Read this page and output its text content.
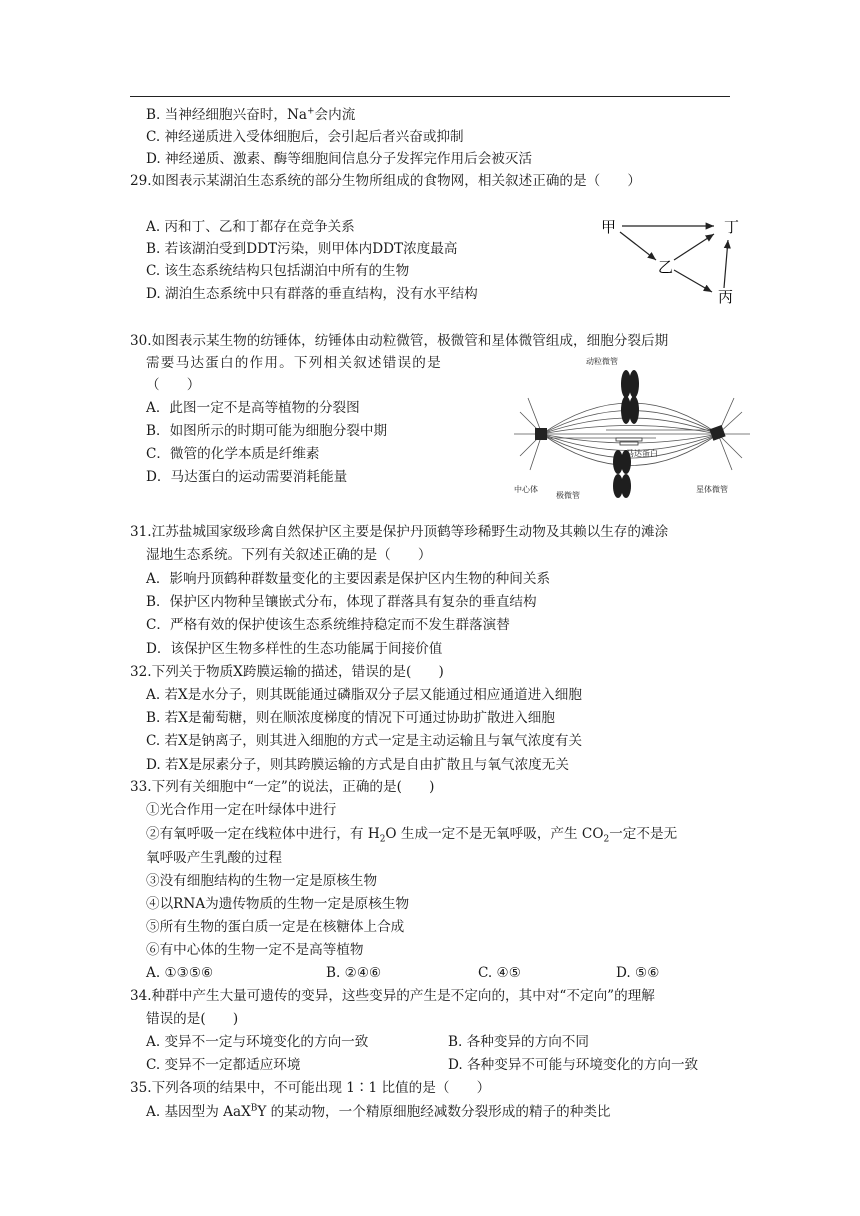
B. 当神经细胞兴奋时，Na+会内流
C. 神经递质进入受体细胞后，会引起后者兴奋或抑制
D. 神经递质、激素、酶等细胞间信息分子发挥完作用后会被灭活
29.如图表示某湖泊生态系统的部分生物所组成的食物网，相关叙述正确的是（　　）
A. 丙和丁、乙和丁都存在竞争关系
B. 若该湖泊受到DDT污染，则甲体内DDT浓度最高
C. 该生态系统结构只包括湖泊中所有的生物
D. 湖泊生态系统中只有群落的垂直结构，没有水平结构
甲	丁
乙
丙
30.如图表示某生物的纺锤体，纺锤体由动粒微管，极微管和星体微管组成，细胞分裂后期
需要马达蛋白的作用。下列相关叙述错误的是
（　　）
A．此图一定不是高等植物的分裂图
B．如图所示的时期可能为细胞分裂中期
C．微管的化学本质是纤维素
D．马达蛋白的运动需要消耗能量
动粒微管
马达蛋白
中心体
极微管
星体微管
31.江苏盐城国家级珍禽自然保护区主要是保护丹顶鹤等珍稀野生动物及其赖以生存的滩涂
湿地生态系统。下列有关叙述正确的是（　　）
A．影响丹顶鹤种群数量变化的主要因素是保护区内生物的种间关系
B．保护区内物种呈镶嵌式分布，体现了群落具有复杂的垂直结构
C．严格有效的保护使该生态系统维持稳定而不发生群落演替
D．该保护区生物多样性的生态功能属于间接价值
32.下列关于物质X跨膜运输的描述，错误的是(　　)
A. 若X是水分子，则其既能通过磷脂双分子层又能通过相应通道进入细胞
B. 若X是葡萄糖，则在顺浓度梯度的情况下可通过协助扩散进入细胞
C. 若X是钠离子，则其进入细胞的方式一定是主动运输且与氧气浓度有关
D. 若X是尿素分子，则其跨膜运输的方式是自由扩散且与氧气浓度无关
33.下列有关细胞中“一定”的说法，正确的是(　　)
①光合作用一定在叶绿体中进行
②有氧呼吸一定在线粒体中进行，有 $H_2O$ 生成一定不是无氧呼吸，产生 $CO_2$一定不是无
氧呼吸产生乳酸的过程
③没有细胞结构的生物一定是原核生物
④以RNA为遗传物质的生物一定是原核生物
⑤所有生物的蛋白质一定是在核糖体上合成
⑥有中心体的生物一定不是高等植物
A. ①③⑤⑥	B. ②④⑥	C. ④⑤	D. ⑤⑥
34.种群中产生大量可遗传的变异，这些变异的产生是不定向的，其中对“不定向”的理解
错误的是(　　)
A. 变异不一定与环境变化的方向一致	B. 各种变异的方向不同
C. 变异不一定都适应环境	D. 各种变异不可能与环境变化的方向一致
35.下列各项的结果中，不可能出现 1∶1 比值的是（　　）
A. 基因型为 AaX$^B$Y 的某动物，一个精原细胞经减数分裂形成的精子的种类比
